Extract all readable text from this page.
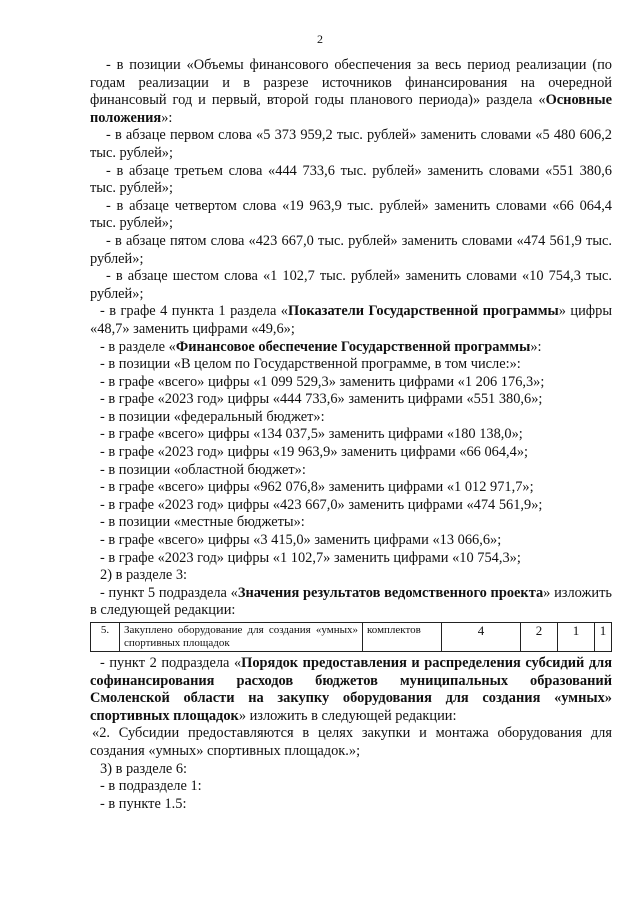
2

- в позиции «Объемы финансового обеспечения за весь период реализации (по годам реализации и в разрезе источников финансирования на очередной финансовый год и первый, второй годы планового периода)» раздела «Основные положения»:

- в абзаце первом слова «5 373 959,2 тыс. рублей» заменить словами «5 480 606,2 тыс. рублей»;

- в абзаце третьем слова «444 733,6 тыс. рублей» заменить словами «551 380,6 тыс. рублей»;

- в абзаце четвертом слова «19 963,9 тыс. рублей» заменить словами «66 064,4 тыс. рублей»;

- в абзаце пятом слова «423 667,0 тыс. рублей» заменить словами «474 561,9 тыс. рублей»;

- в абзаце шестом слова «1 102,7 тыс. рублей» заменить словами «10 754,3 тыс. рублей»;

- в графе 4 пункта 1 раздела «Показатели Государственной программы» цифры «48,7» заменить цифрами «49,6»;

- в разделе «Финансовое обеспечение Государственной программы»:

- в позиции «В целом по Государственной программе, в том числе:»:

- в графе «всего» цифры «1 099 529,3» заменить цифрами «1 206 176,3»;

- в графе «2023 год» цифры «444 733,6» заменить цифрами «551 380,6»;

- в позиции «федеральный бюджет»:

- в графе «всего» цифры «134 037,5» заменить цифрами «180 138,0»;

- в графе «2023 год» цифры «19 963,9» заменить цифрами «66 064,4»;

- в позиции «областной бюджет»:

- в графе «всего» цифры «962 076,8» заменить цифрами «1 012 971,7»;

- в графе «2023 год» цифры «423 667,0» заменить цифрами «474 561,9»;

- в позиции «местные бюджеты»:

- в графе «всего» цифры «3 415,0» заменить цифрами «13 066,6»;

- в графе «2023 год» цифры «1 102,7» заменить цифрами «10 754,3»;

2) в разделе 3:

- пункт 5 подраздела «Значения результатов ведомственного проекта» изложить в следующей редакции:

5.	Закуплено оборудование для создания «умных» спортивных площадок	комплектов	4	2	1	1

- пункт 2 подраздела «Порядок предоставления и распределения субсидий для софинансирования расходов бюджетов муниципальных образований Смоленской области на закупку оборудования для создания «умных» спортивных площадок» изложить в следующей редакции:

«2. Субсидии предоставляются в целях закупки и монтажа оборудования для создания «умных» спортивных площадок.»;

3) в разделе 6:

- в подразделе 1:

- в пункте 1.5:
